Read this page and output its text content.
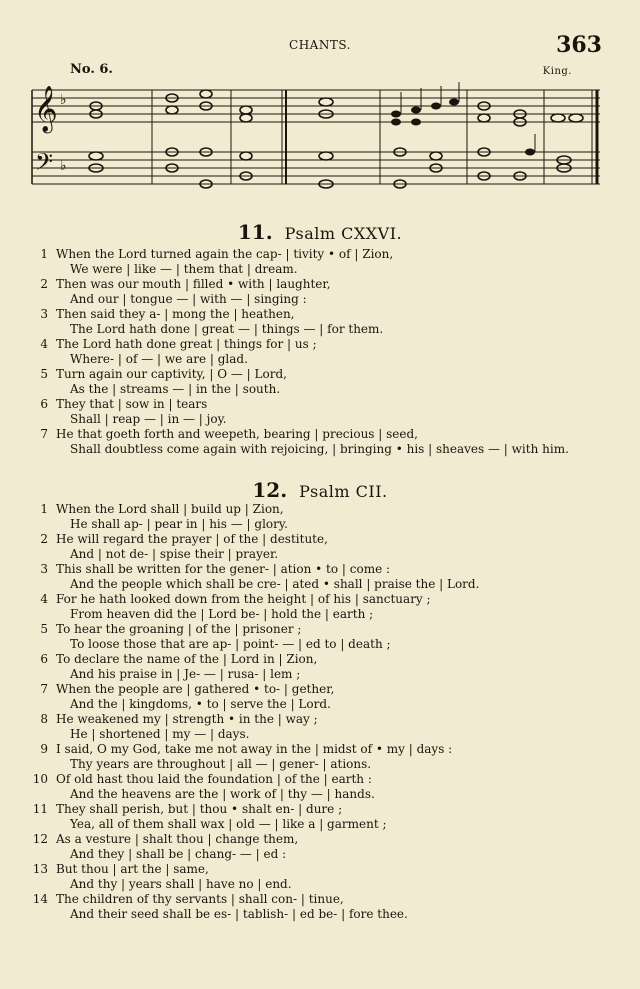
CHANTS.	363
No. 6.	King.
𝄞
𝄢
♭
♭
11. Psalm CXXVI.
1 When the Lord turned again the cap- | tivity • of | Zion,
We were | like — | them that | dream.
2 Then was our mouth | filled • with | laughter,
And our | tongue — | with — | singing :
3 Then said they a- | mong the | heathen,
The Lord hath done | great — | things — | for them.
4 The Lord hath done great | things for | us ;
Where- | of — | we are | glad.
5 Turn again our captivity, | O — | Lord,
As the | streams — | in the | south.
6 They that | sow in | tears
Shall | reap — | in — | joy.
7 He that goeth forth and weepeth, bearing | precious | seed,
Shall doubtless come again with rejoicing, | bringing • his | sheaves — | with him.
12. Psalm CII.
1 When the Lord shall | build up | Zion,
He shall ap- | pear in | his — | glory.
2 He will regard the prayer | of the | destitute,
And | not de- | spise their | prayer.
3 This shall be written for the gener- | ation • to | come :
And the people which shall be cre- | ated • shall | praise the | Lord.
4 For he hath looked down from the height | of his | sanctuary ;
From heaven did the | Lord be- | hold the | earth ;
5 To hear the groaning | of the | prisoner ;
To loose those that are ap- | point- — | ed to | death ;
6 To declare the name of the | Lord in | Zion,
And his praise in | Je- — | rusa- | lem ;
7 When the people are | gathered • to- | gether,
And the | kingdoms, • to | serve the | Lord.
8 He weakened my | strength • in the | way ;
He | shortened | my — | days.
9 I said, O my God, take me not away in the | midst of • my | days :
Thy years are throughout | all — | gener- | ations.
10 Of old hast thou laid the foundation | of the | earth :
And the heavens are the | work of | thy — | hands.
11 They shall perish, but | thou • shalt en- | dure ;
Yea, all of them shall wax | old — | like a | garment ;
12 As a vesture | shalt thou | change them,
And they | shall be | chang- — | ed :
13 But thou | art the | same,
And thy | years shall | have no | end.
14 The children of thy servants | shall con- | tinue,
And their seed shall be es- | tablish- | ed be- | fore thee.
